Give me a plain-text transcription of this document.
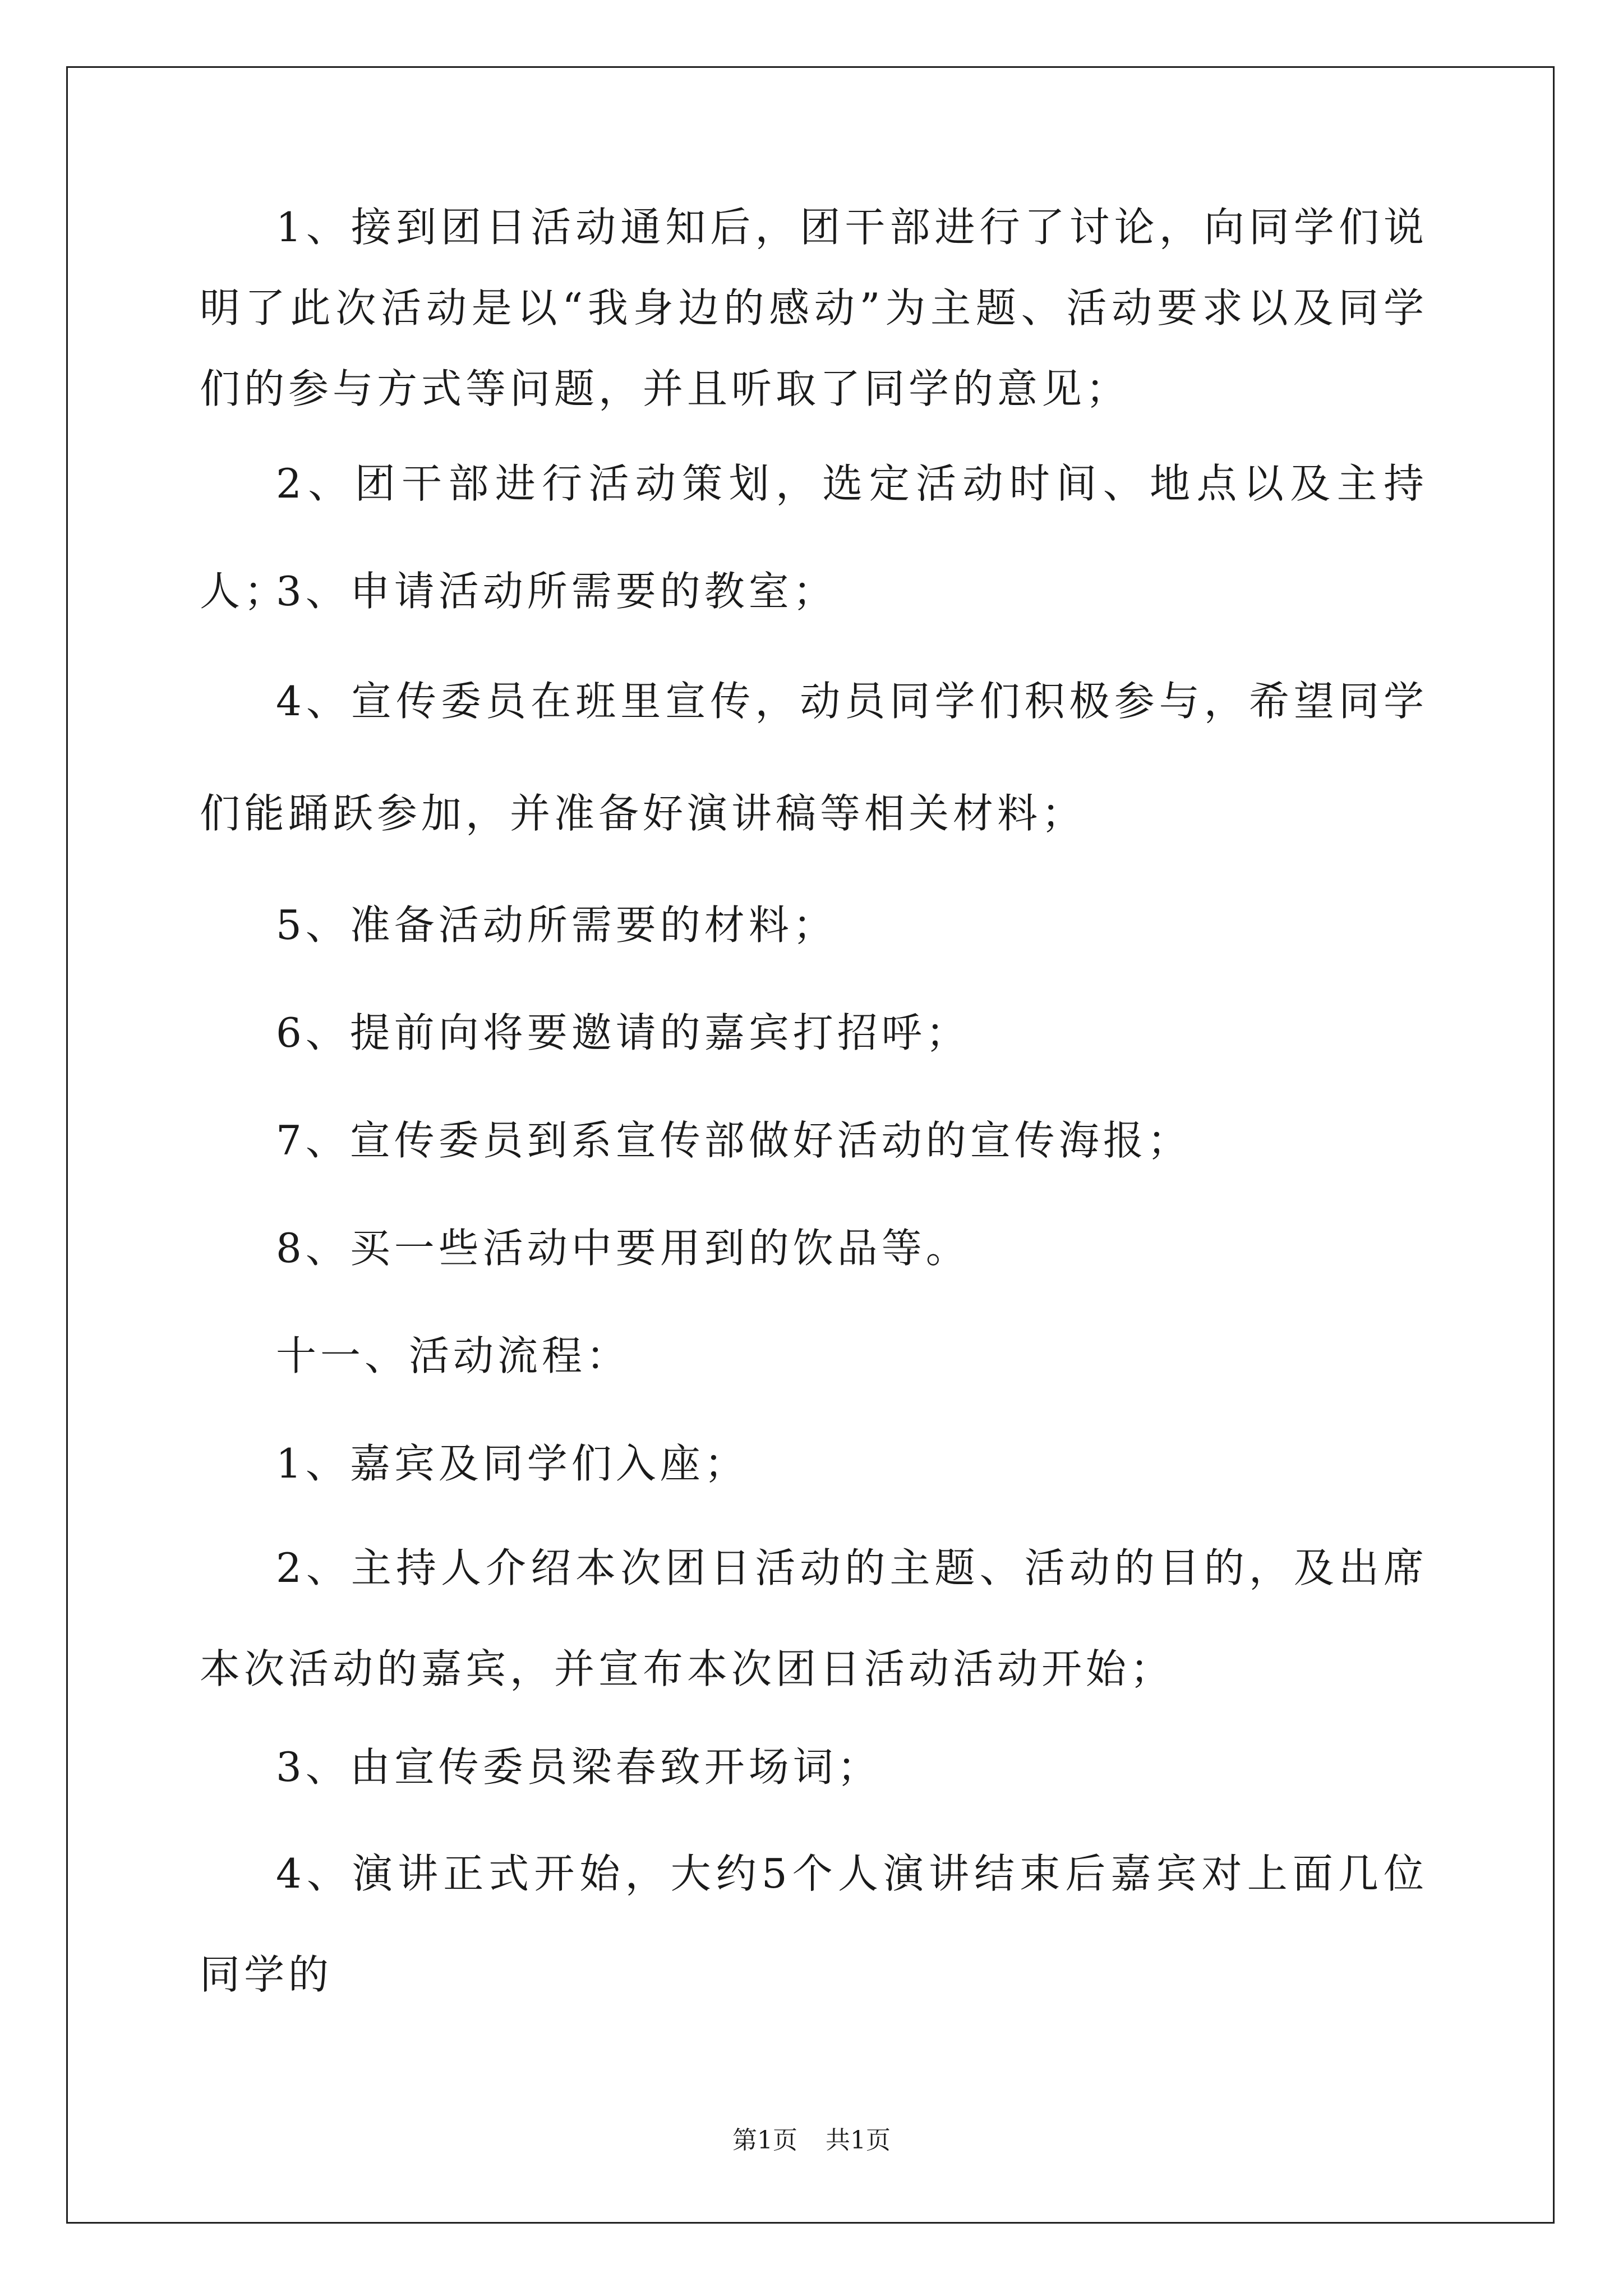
1、接到团日活动通知后，团干部进行了讨论，向同学们说明了此次活动是以“我身边的感动”为主题、活动要求以及同学们的参与方式等问题，并且听取了同学的意见；

2、团干部进行活动策划，选定活动时间、地点以及主持人；

3、申请活动所需要的教室；

4、宣传委员在班里宣传，动员同学们积极参与，希望同学们能踊跃参加，并准备好演讲稿等相关材料；

5、准备活动所需要的材料；

6、提前向将要邀请的嘉宾打招呼；

7、宣传委员到系宣传部做好活动的宣传海报；

8、买一些活动中要用到的饮品等。

十一、活动流程：

1、嘉宾及同学们入座；

2、主持人介绍本次团日活动的主题、活动的目的，及出席本次活动的嘉宾，并宣布本次团日活动活动开始；

3、由宣传委员梁春致开场词；

4、演讲正式开始，大约5个人演讲结束后嘉宾对上面几位同学的

第1页 共1页
